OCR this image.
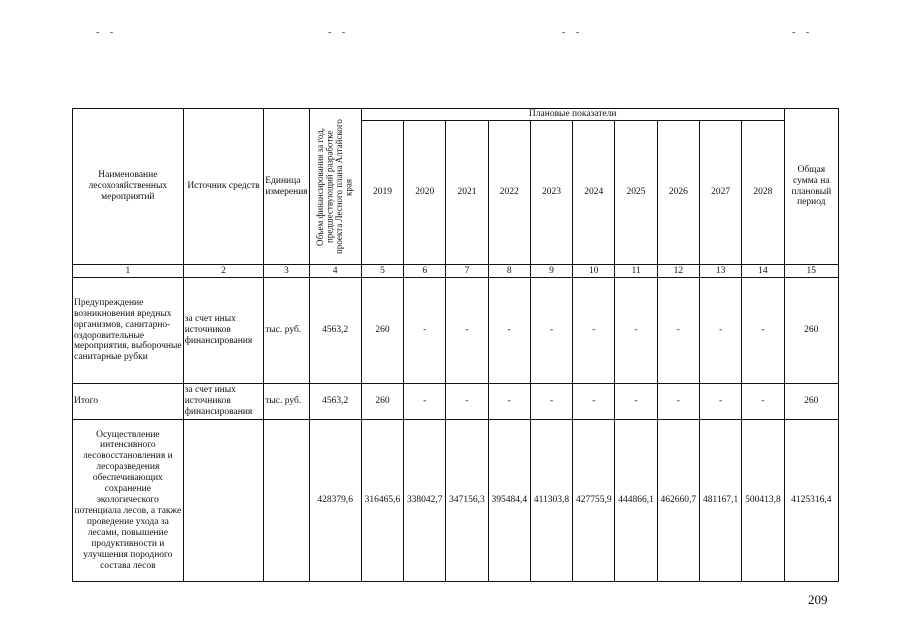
- -	- -	- -	- -
Наименование лесохозяйственных мероприятий	Источник средств	Единица измерения	Объем финансирования за год, предшествующий разработке проекта Лесного плана Алтайского края	Плановые показатели										Общая сумма на плановый период
				2019	2020	2021	2022	2023	2024	2025	2026	2027	2028	
1	2	3	4	5	6	7	8	9	10	11	12	13	14	15
Предупреждение возникновения вредных организмов, санитарно-оздоровительные мероприятия, выборочные санитарные рубки	за счет иных источников финансирования	тыс. руб.	4563,2	260	-	-	-	-	-	-	-	-	-	260
Итого	за счет иных источников финансирования	тыс. руб.	4563,2	260	-	-	-	-	-	-	-	-	-	260
Осуществление интенсивного лесовосстановления и лесоразведения обеспечивающих сохранение экологического потенциала лесов, а также проведение ухода за лесами, повышение продуктивности и улучшения породного состава лесов			428379,6	316465,6	338042,7	347156,3	395484,4	411303,8	427755,9	444866,1	462660,7	481167,1	500413,8	4125316,4
209
